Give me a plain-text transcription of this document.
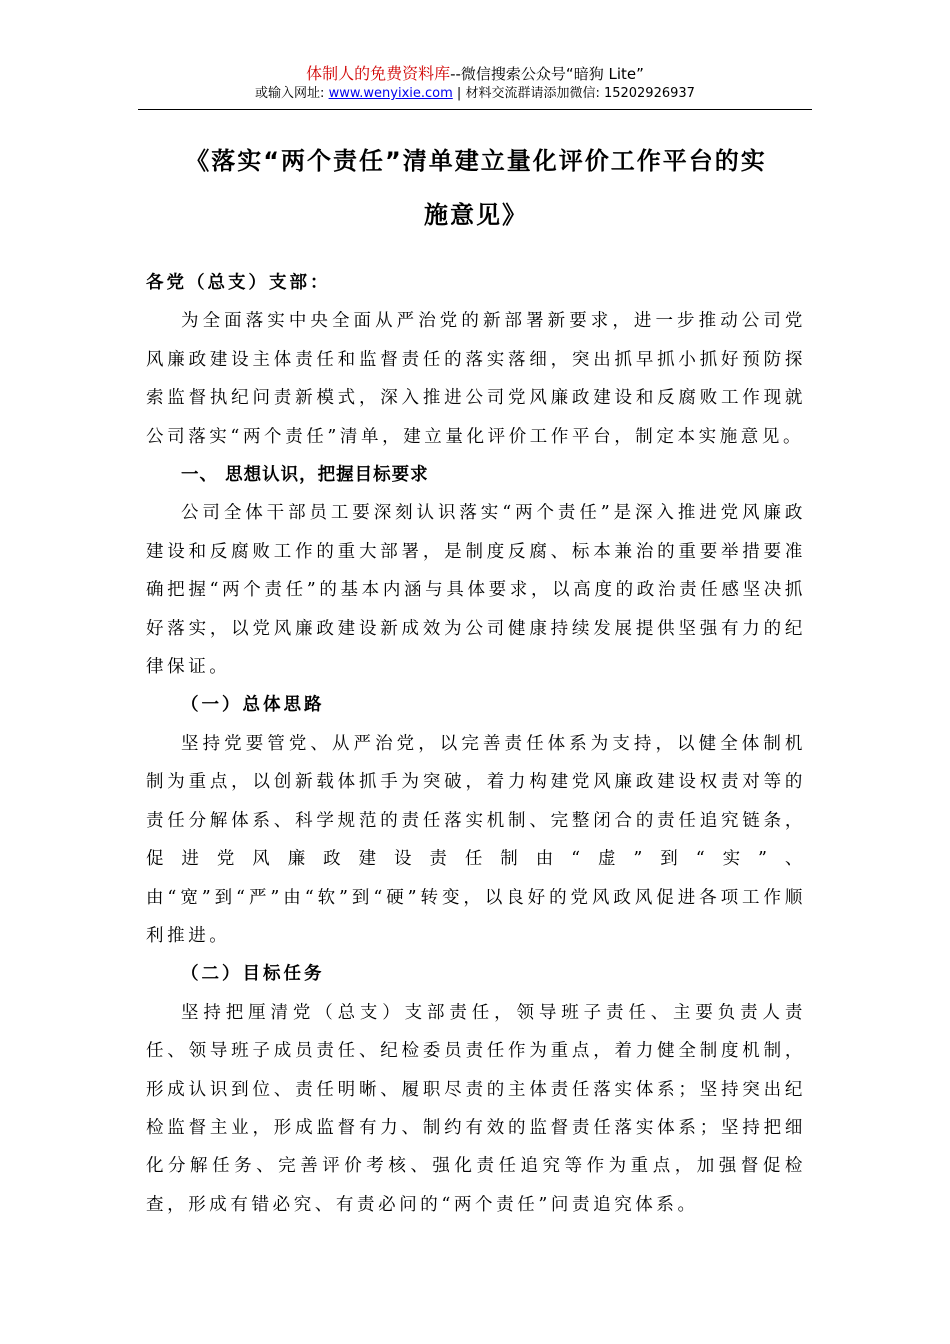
体制人的免费资料库--微信搜索公众号“暗狗 Lite”
或输入网址: www.wenyixie.com | 材料交流群请添加微信: 15202926937
《落实“两个责任”清单建立量化评价工作平台的实
施意见》

各党（总支）支部：

为全面落实中央全面从严治党的新部署新要求，进一步推动公司党风廉政建设主体责任和监督责任的落实落细，突出抓早抓小抓好预防探索监督执纪问责新模式，深入推进公司党风廉政建设和反腐败工作现就公司落实“两个责任”清单，建立量化评价工作平台，制定本实施意见。

一、 思想认识，把握目标要求

公司全体干部员工要深刻认识落实“两个责任”是深入推进党风廉政建设和反腐败工作的重大部署，是制度反腐、标本兼治的重要举措要准确把握“两个责任”的基本内涵与具体要求，以高度的政治责任感坚决抓好落实，以党风廉政建设新成效为公司健康持续发展提供坚强有力的纪律保证。

（一）总体思路

坚持党要管党、从严治党，以完善责任体系为支持，以健全体制机制为重点，以创新载体抓手为突破，着力构建党风廉政建设权责对等的责任分解体系、科学规范的责任落实机制、完整闭合的责任追究链条，促进党风廉政建设责任制由“虚”到“实”、由“宽”到“严”由“软”到“硬”转变，以良好的党风政风促进各项工作顺利推进。

（二）目标任务

坚持把厘清党（总支）支部责任，领导班子责任、主要负责人责任、领导班子成员责任、纪检委员责任作为重点，着力健全制度机制，形成认识到位、责任明晰、履职尽责的主体责任落实体系；坚持突出纪检监督主业，形成监督有力、制约有效的监督责任落实体系；坚持把细化分解任务、完善评价考核、强化责任追究等作为重点，加强督促检查，形成有错必究、有责必问的“两个责任”问责追究体系。
